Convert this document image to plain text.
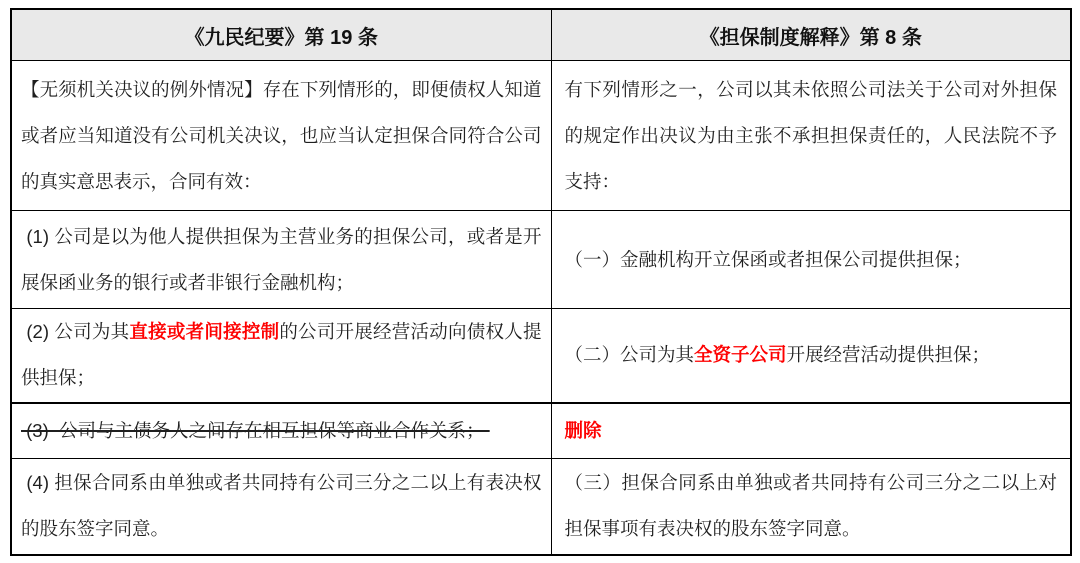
《九民纪要》第 19 条	《担保制度解释》第 8 条
【无须机关决议的例外情况】存在下列情形的，即便债权人知道或者应当知道没有公司机关决议，也应当认定担保合同符合公司的真实意思表示，合同有效：	有下列情形之一，公司以其未依照公司法关于公司对外担保的规定作出决议为由主张不承担担保责任的，人民法院不予支持：
(1) 公司是以为他人提供担保为主营业务的担保公司，或者是开展保函业务的银行或者非银行金融机构；	（一）金融机构开立保函或者担保公司提供担保；
(2) 公司为其直接或者间接控制的公司开展经营活动向债权人提供担保；	（二）公司为其全资子公司开展经营活动提供担保；
(3)  公司与主债务人之间存在相互担保等商业合作关系；	删除
(4) 担保合同系由单独或者共同持有公司三分之二以上有表决权的股东签字同意。	（三）担保合同系由单独或者共同持有公司三分之二以上对担保事项有表决权的股东签字同意。
